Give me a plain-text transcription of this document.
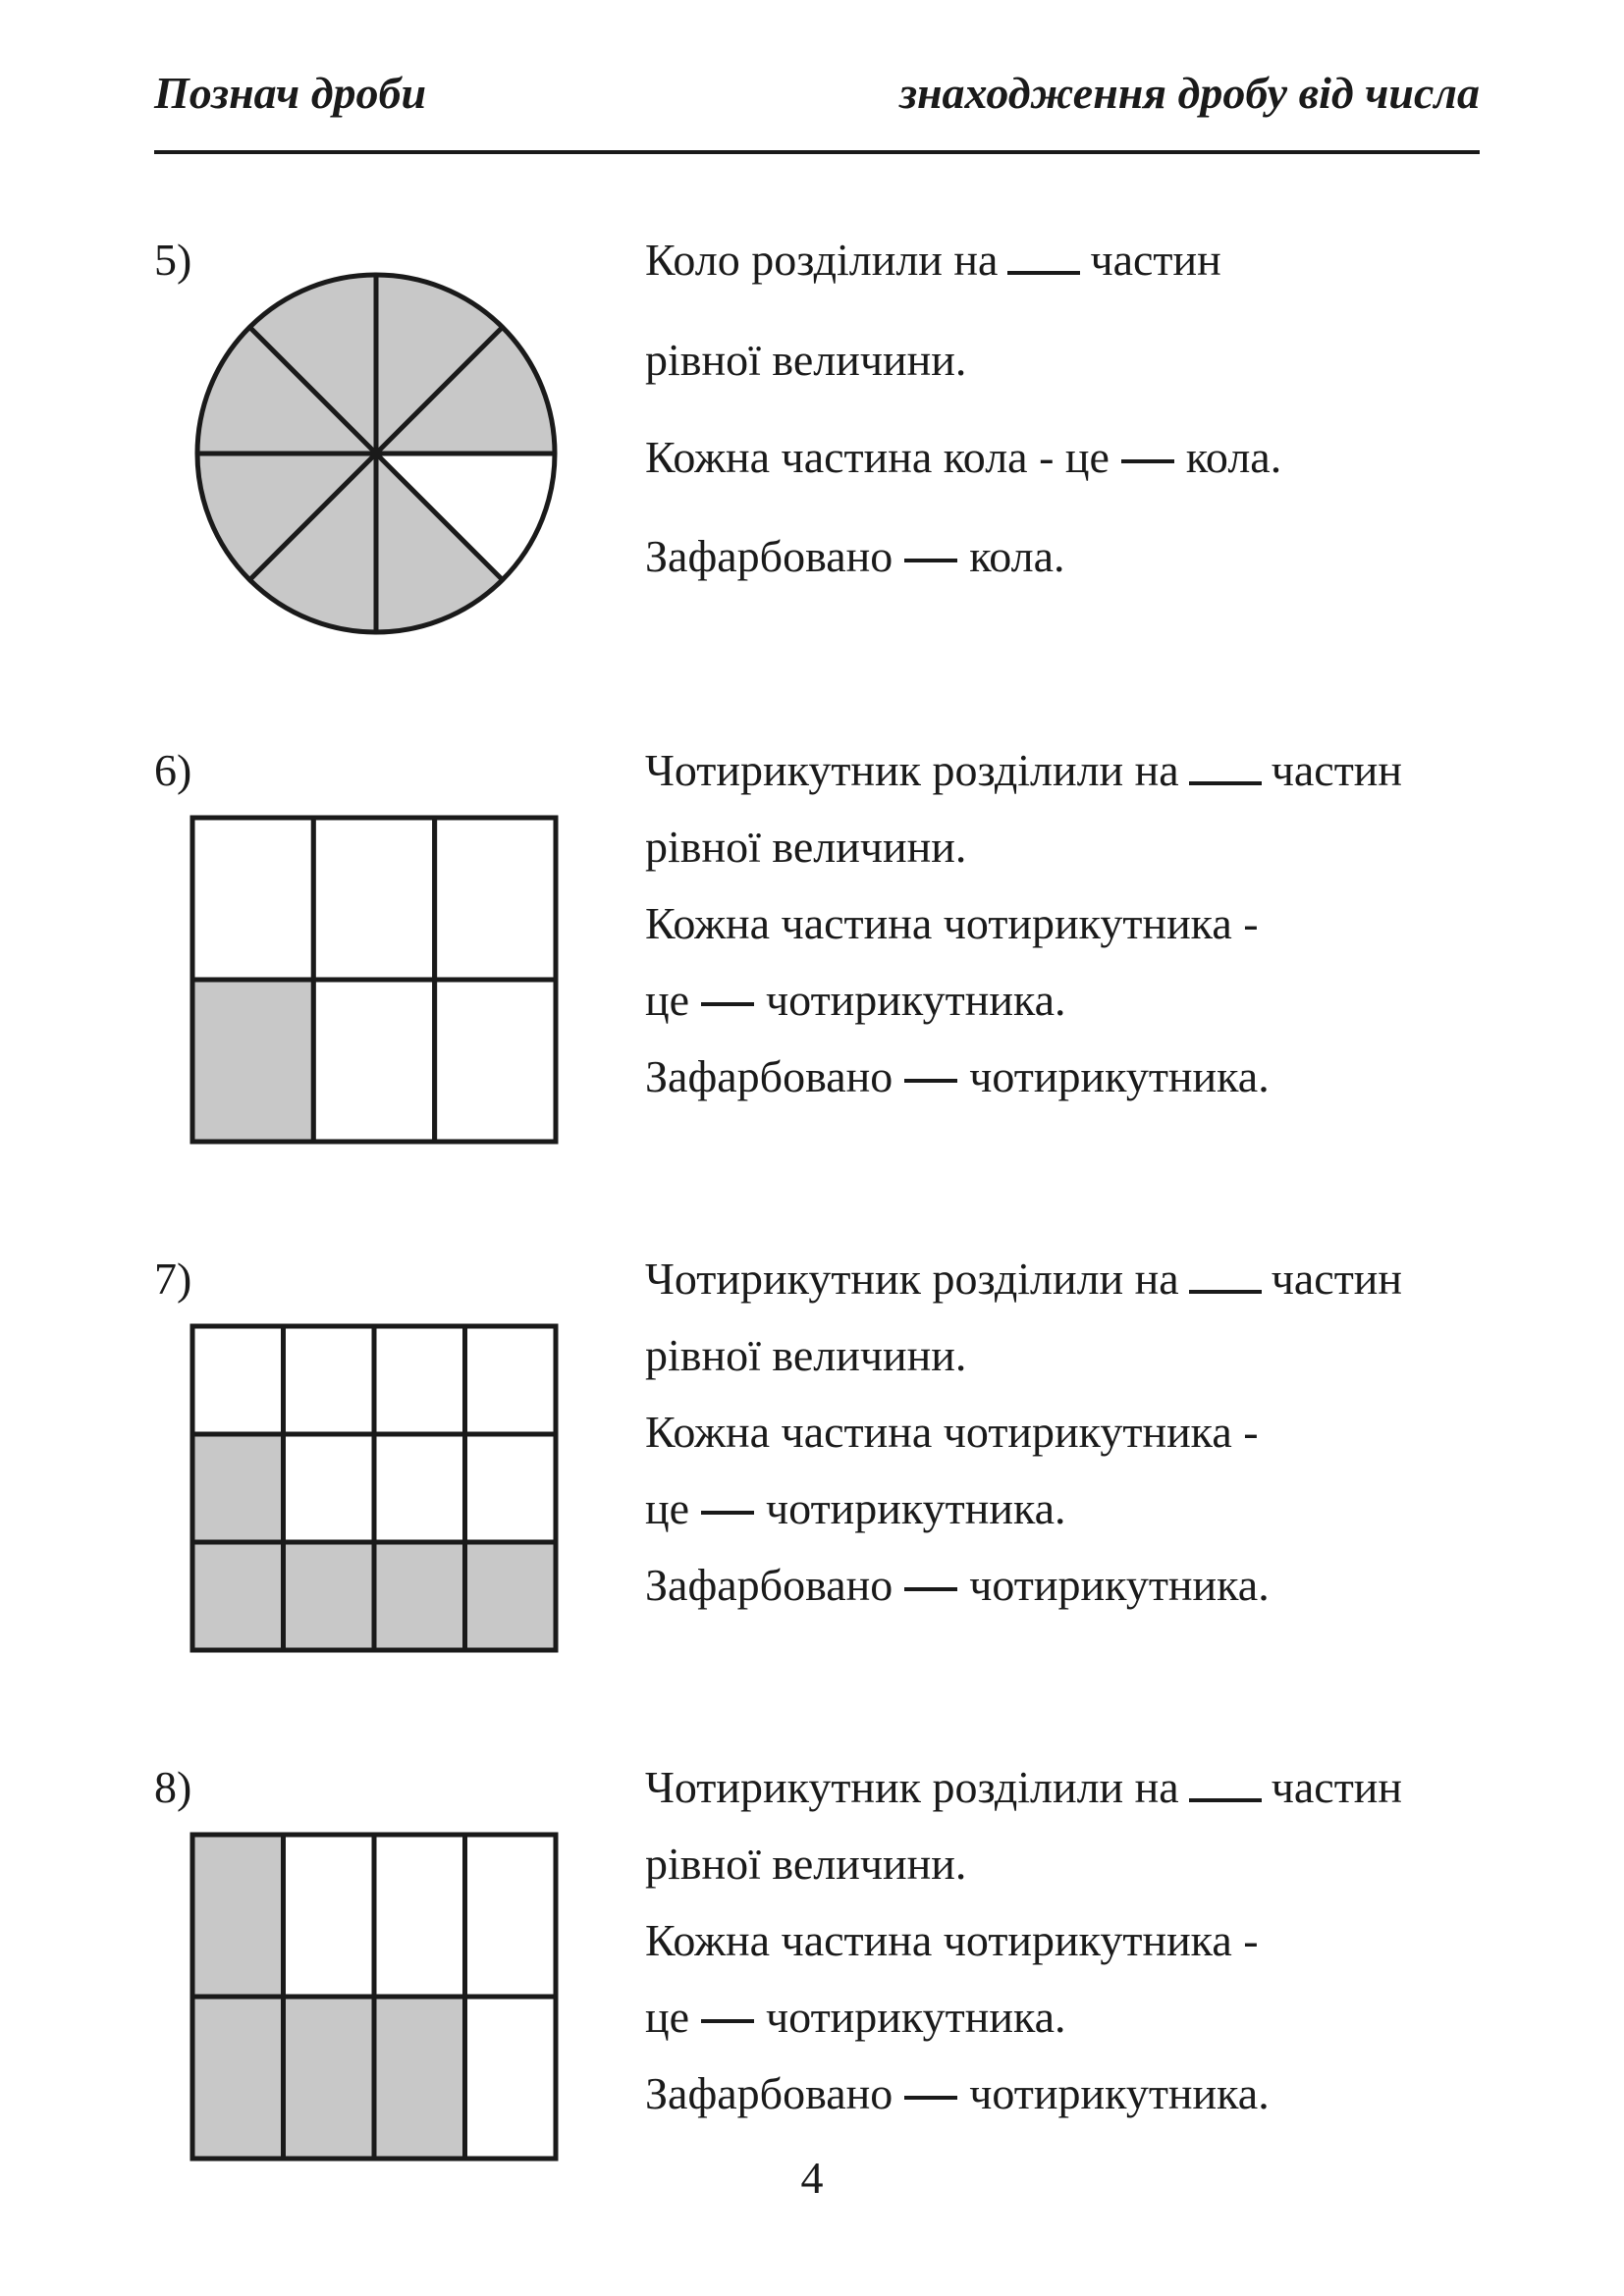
Познач дроби	знаходження дробу від числа
5)	Коло розділили на частин
рівної величини.
Кожна частина кола - це кола.
Зафарбовано кола.
6)	Чотирикутник розділили на частин
рівної величини.
Кожна частина чотирикутника -
це чотирикутника.
Зафарбовано чотирикутника.
7)	Чотирикутник розділили на частин
рівної величини.
Кожна частина чотирикутника -
це чотирикутника.
Зафарбовано чотирикутника.
8)	Чотирикутник розділили на частин
рівної величини.
Кожна частина чотирикутника -
це чотирикутника.
Зафарбовано чотирикутника.
4
